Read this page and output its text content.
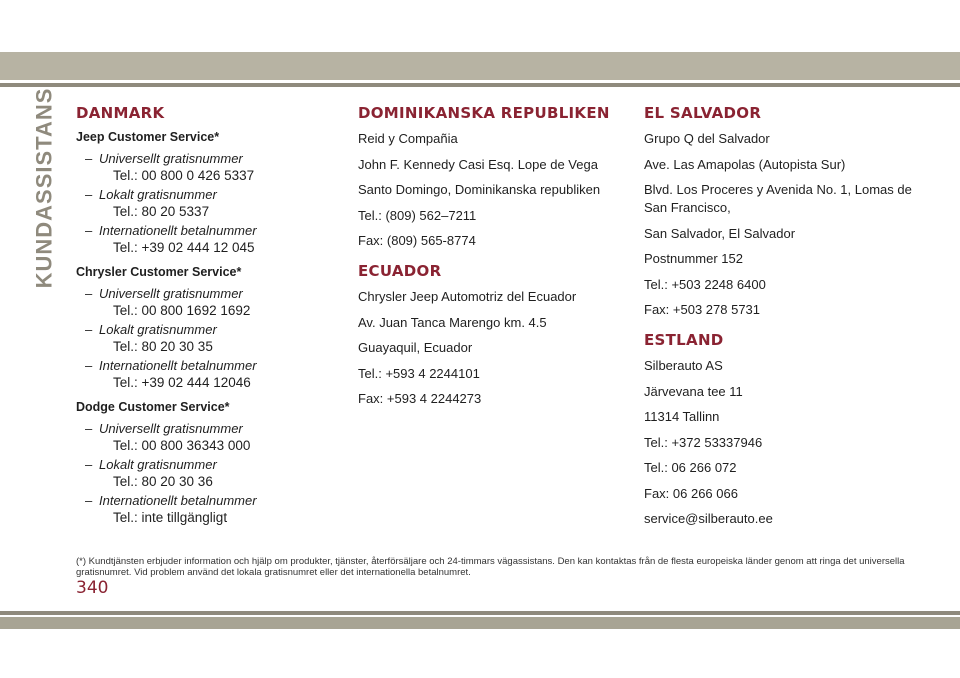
KUNDASSISTANS DANMARK
Jeep Customer Service*
– Universellt gratisnummer
Tel.: 00 800 0 426 5337
– Lokalt gratisnummer
Tel.: 80 20 5337
– Internationellt betalnummer
Tel.: +39 02 444 12 045
Chrysler Customer Service*
– Universellt gratisnummer
Tel.: 00 800 1692 1692
– Lokalt gratisnummer
Tel.: 80 20 30 35
– Internationellt betalnummer
Tel.: +39 02 444 12046
Dodge Customer Service*
– Universellt gratisnummer
Tel.: 00 800 36343 000
– Lokalt gratisnummer
Tel.: 80 20 30 36
– Internationellt betalnummer
Tel.: inte tillgängligt
DOMINIKANSKA REPUBLIKEN
Reid y Compañia
John F. Kennedy Casi Esq. Lope de Vega
Santo Domingo, Dominikanska republiken
Tel.: (809) 562–7211
Fax: (809) 565-8774
ECUADOR
Chrysler Jeep Automotriz del Ecuador
Av. Juan Tanca Marengo km. 4.5
Guayaquil, Ecuador
Tel.: +593 4 2244101
Fax: +593 4 2244273
EL SALVADOR
Grupo Q del Salvador
Ave. Las Amapolas (Autopista Sur)
Blvd. Los Proceres y Avenida No. 1, Lomas de San Francisco,
San Salvador, El Salvador
Postnummer 152
Tel.: +503 2248 6400
Fax: +503 278 5731
ESTLAND
Silberauto AS
Järvevana tee 11
11314 Tallinn
Tel.: +372 53337946
Tel.: 06 266 072
Fax: 06 266 066
service@silberauto.ee
(*) Kundtjänsten erbjuder information och hjälp om produkter, tjänster, återförsäljare och 24-timmars vägassistans. Den kan kontaktas från de flesta europeiska länder genom att ringa det universella gratisnumret. Vid problem använd det lokala gratisnumret eller det internationella betalnumret.
340
